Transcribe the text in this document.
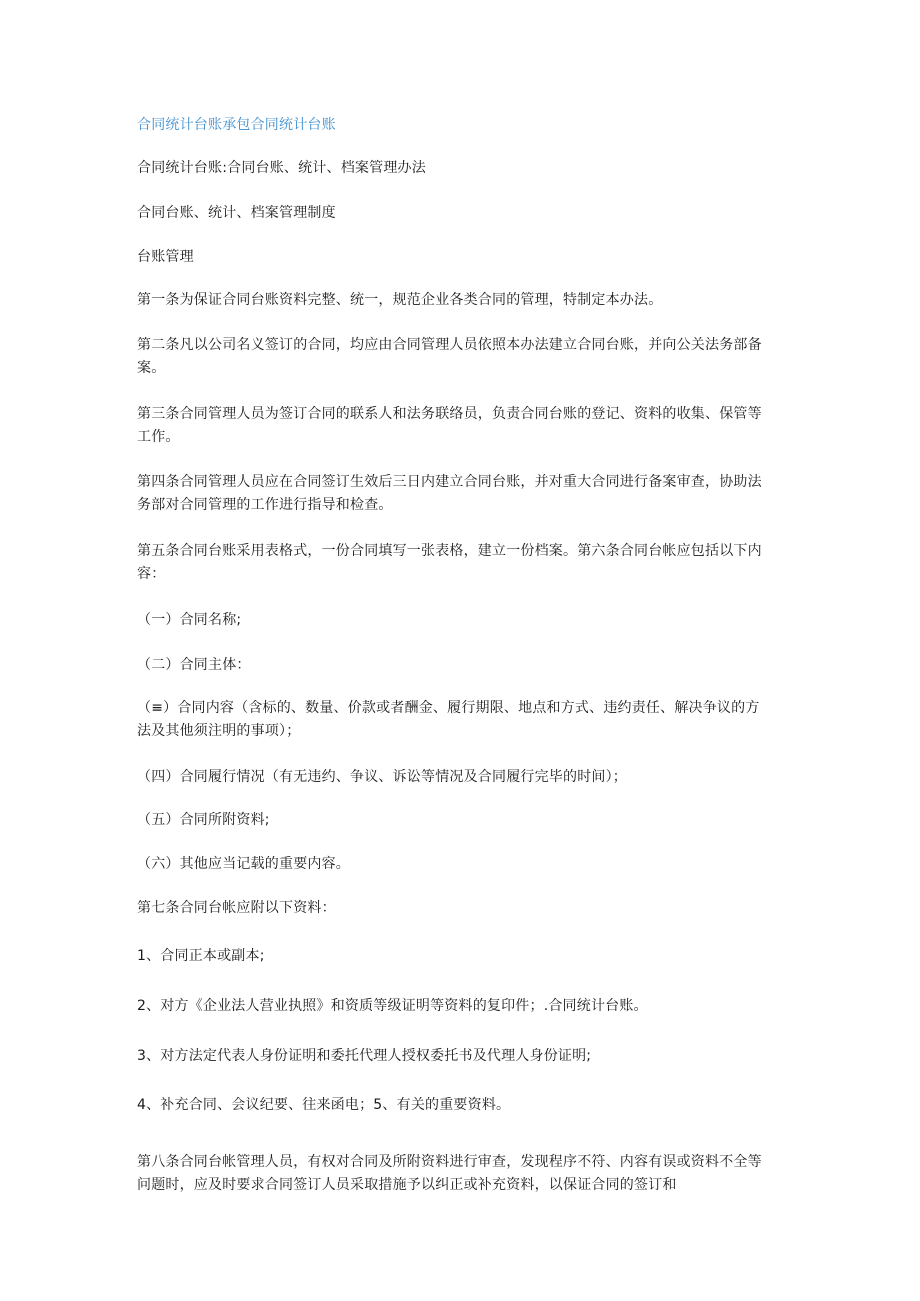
合同统计台账承包合同统计台账

合同统计台账:合同台账、统计、档案管理办法

合同台账、统计、档案管理制度

台账管理

第一条为保证合同台账资料完整、统一，规范企业各类合同的管理，特制定本办法。

第二条凡以公司名义签订的合同，均应由合同管理人员依照本办法建立合同台账，并向公关法务部备案。

第三条合同管理人员为签订合同的联系人和法务联络员，负责合同台账的登记、资料的收集、保管等工作。

第四条合同管理人员应在合同签订生效后三日内建立合同台账，并对重大合同进行备案审查，协助法务部对合同管理的工作进行指导和检查。

第五条合同台账采用表格式，一份合同填写一张表格，建立一份档案。第六条合同台帐应包括以下内容：

（一）合同名称;

（二）合同主体：

（≡）合同内容（含标的、数量、价款或者酬金、履行期限、地点和方式、违约责任、解决争议的方法及其他须注明的事项）；

（四）合同履行情况（有无违约、争议、诉讼等情况及合同履行完毕的时间）；

（五）合同所附资料;

（六）其他应当记载的重要内容。

第七条合同台帐应附以下资料：

1、合同正本或副本;

2、对方《企业法人营业执照》和资质等级证明等资料的复印件；.合同统计台账。

3、对方法定代表人身份证明和委托代理人授权委托书及代理人身份证明;

4、补充合同、会议纪要、往来函电；5、有关的重要资料。

第八条合同台帐管理人员，有权对合同及所附资料进行审查，发现程序不符、内容有误或资料不全等问题时，应及时要求合同签订人员采取措施予以纠正或补充资料，以保证合同的签订和
